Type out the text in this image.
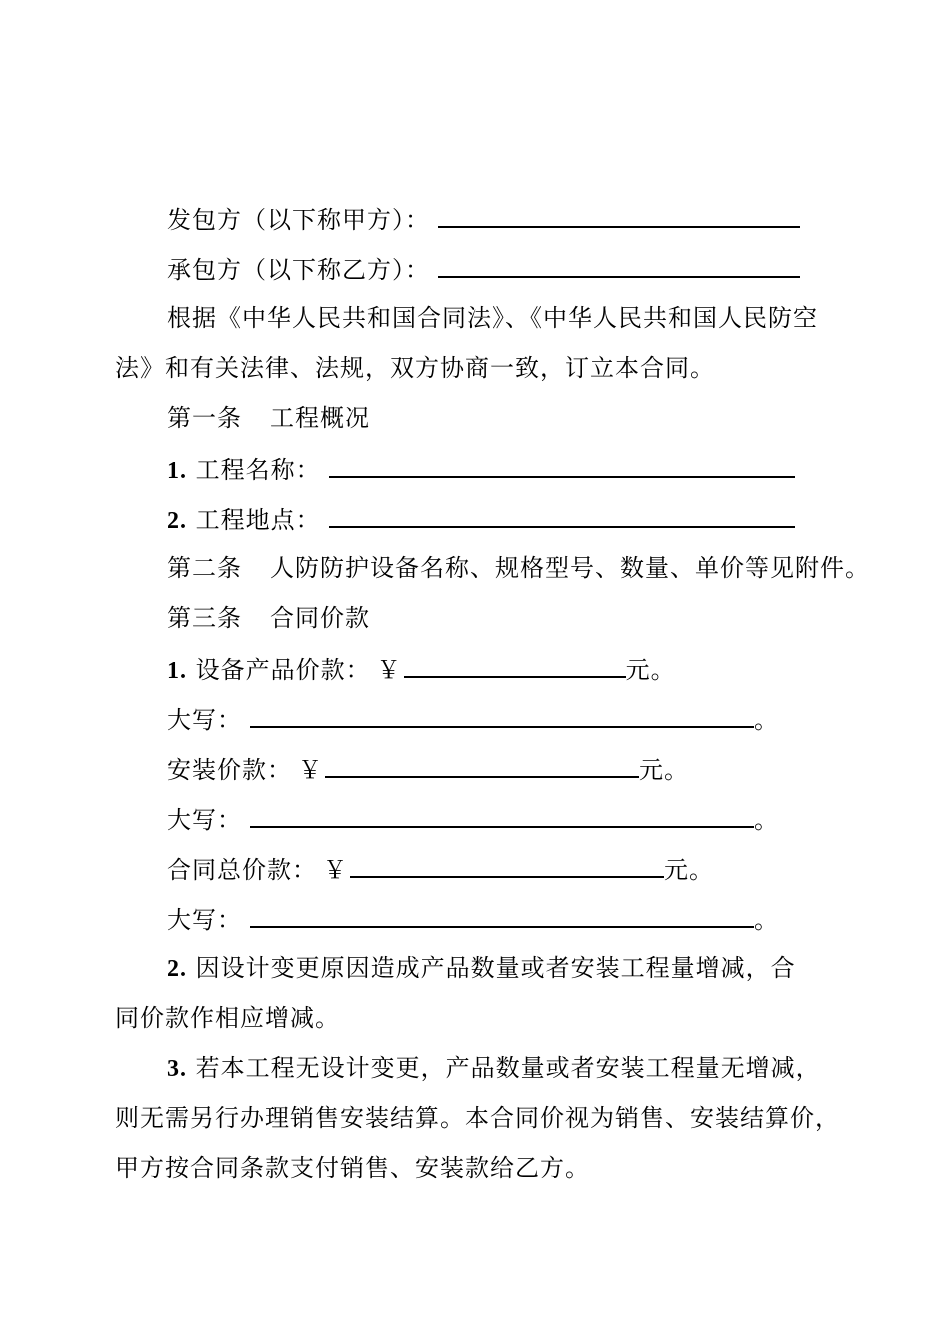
发包方（以下称甲方）：
承包方（以下称乙方）：
根据《中华人民共和国合同法》、《中华人民共和国人民防空
法》和有关法律、法规，双方协商一致，订立本合同。
第一条 工程概况
1. 工程名称：
2. 工程地点：
第二条 人防防护设备名称、规格型号、数量、单价等见附件。
第三条 合同价款
1. 设备产品价款： ￥	元。
大写：	。
安装价款： ￥	元。
大写：	。
合同总价款： ￥	元。
大写：	。
2. 因设计变更原因造成产品数量或者安装工程量增减，合
同价款作相应增减。
3. 若本工程无设计变更，产品数量或者安装工程量无增减，
则无需另行办理销售安装结算。本合同价视为销售、安装结算价，
甲方按合同条款支付销售、安装款给乙方。
